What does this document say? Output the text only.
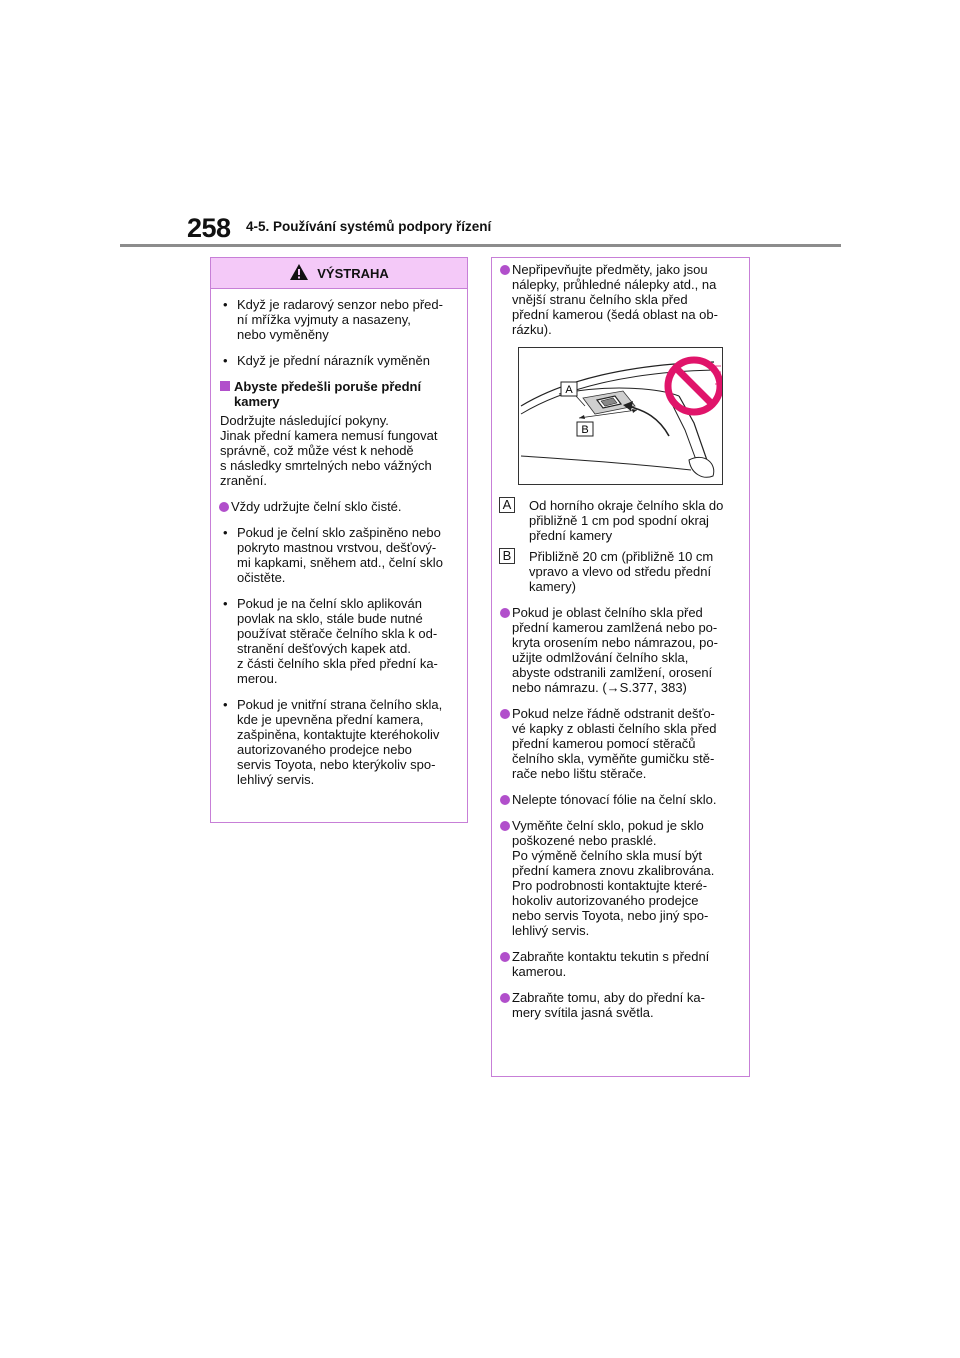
258 4-5. Používání systémů podpory řízení
VÝSTRAHA
• Když je radarový senzor nebo před-
ní mřížka vyjmuty a nasazeny,
nebo vyměněny
• Když je přední nárazník vyměněn
Abyste předešli poruše přední
kamery
Dodržujte následující pokyny.
Jinak přední kamera nemusí fungovat
správně, což může vést k nehodě
s následky smrtelných nebo vážných
zranění.
Vždy udržujte čelní sklo čisté.
• Pokud je čelní sklo zašpiněno nebo
pokryto mastnou vrstvou, dešťový-
mi kapkami, sněhem atd., čelní sklo
očistěte.
• Pokud je na čelní sklo aplikován
povlak na sklo, stále bude nutné
používat stěrače čelního skla k od-
stranění dešťových kapek atd.
z části čelního skla před přední ka-
merou.
• Pokud je vnitřní strana čelního skla,
kde je upevněna přední kamera,
zašpiněna, kontaktujte kteréhokoliv
autorizovaného prodejce nebo
servis Toyota, nebo kterýkoliv spo-
lehlivý servis.
Nepřipevňujte předměty, jako jsou
nálepky, průhledné nálepky atd., na
vnější stranu čelního skla před
přední kamerou (šedá oblast na ob-
rázku).
A
B
A Od horního okraje čelního skla do
přibližně 1 cm pod spodní okraj
přední kamery
B Přibližně 20 cm (přibližně 10 cm
vpravo a vlevo od středu přední
kamery)
Pokud je oblast čelního skla před
přední kamerou zamlžená nebo po-
kryta orosením nebo námrazou, po-
užijte odmlžování čelního skla,
abyste odstranili zamlžení, orosení
nebo námrazu. (→S.377, 383)
Pokud nelze řádně odstranit dešťo-
vé kapky z oblasti čelního skla před
přední kamerou pomocí stěračů
čelního skla, vyměňte gumičku stě-
rače nebo lištu stěrače.
Nelepte tónovací fólie na čelní sklo.
Vyměňte čelní sklo, pokud je sklo
poškozené nebo prasklé.
Po výměně čelního skla musí být
přední kamera znovu zkalibrována.
Pro podrobnosti kontaktujte které-
hokoliv autorizovaného prodejce
nebo servis Toyota, nebo jiný spo-
lehlivý servis.
Zabraňte kontaktu tekutin s přední
kamerou.
Zabraňte tomu, aby do přední ka-
mery svítila jasná světla.
